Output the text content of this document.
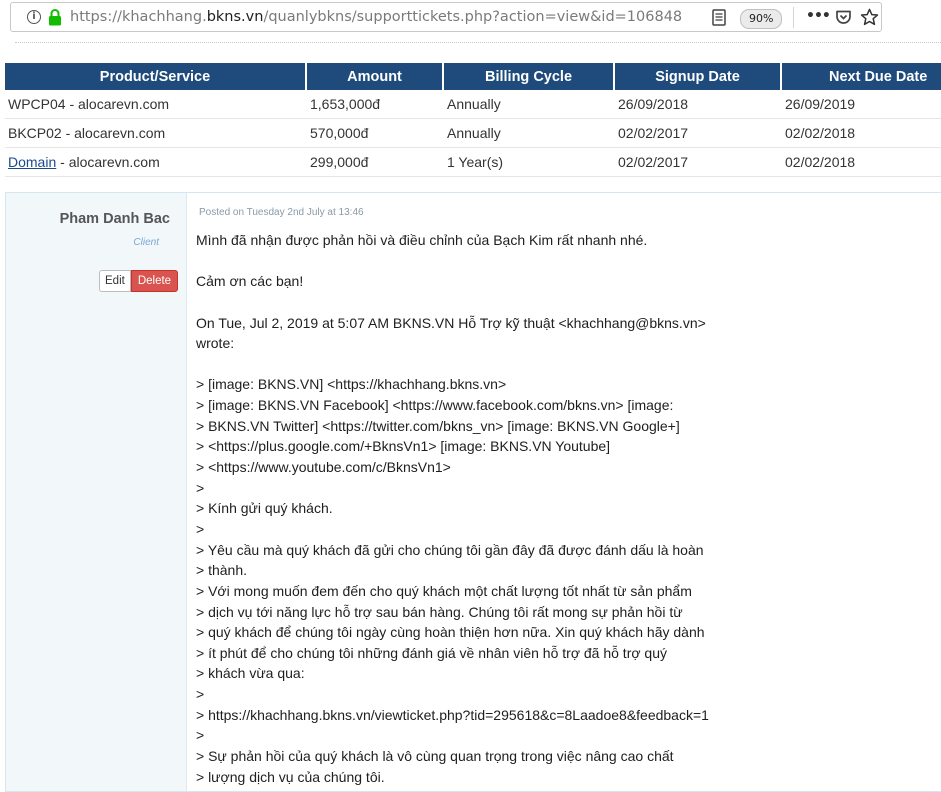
i	https://khachhang.bkns.vn/quanlybkns/supporttickets.php?action=view&id=106848	90%	•••
Product/Service	Amount	Billing Cycle	Signup Date	Next Due Date
WPCP04 - alocarevn.com	1,653,000đ	Annually	26/09/2018	26/09/2019
BKCP02 - alocarevn.com	570,000đ	Annually	02/02/2017	02/02/2018
Domain - alocarevn.com	299,000đ	1 Year(s)	02/02/2017	02/02/2018
Pham Danh Bac
Client
Edit	Delete
Posted on Tuesday 2nd July at 13:46
Mình đã nhận được phản hồi và điều chỉnh của Bạch Kim rất nhanh nhé.
Cảm ơn các bạn!
On Tue, Jul 2, 2019 at 5:07 AM BKNS.VN Hỗ Trợ kỹ thuật <khachhang@bkns.vn>
wrote:
> [image: BKNS.VN] <https://khachhang.bkns.vn>
> [image: BKNS.VN Facebook] <https://www.facebook.com/bkns.vn> [image:
> BKNS.VN Twitter] <https://twitter.com/bkns_vn> [image: BKNS.VN Google+]
> <https://plus.google.com/+BknsVn1> [image: BKNS.VN Youtube]
> <https://www.youtube.com/c/BknsVn1>
>
> Kính gửi quý khách.
>
> Yêu cầu mà quý khách đã gửi cho chúng tôi gần đây đã được đánh dấu là hoàn
> thành.
> Với mong muốn đem đến cho quý khách một chất lượng tốt nhất từ sản phẩm
> dịch vụ tới năng lực hỗ trợ sau bán hàng. Chúng tôi rất mong sự phản hồi từ
> quý khách để chúng tôi ngày cùng hoàn thiện hơn nữa. Xin quý khách hãy dành
> ít phút để cho chúng tôi những đánh giá về nhân viên hỗ trợ đã hỗ trợ quý
> khách vừa qua:
>
> https://khachhang.bkns.vn/viewticket.php?tid=295618&c=8Laadoe8&feedback=1
>
> Sự phản hồi của quý khách là vô cùng quan trọng trong việc nâng cao chất
> lượng dịch vụ của chúng tôi.
